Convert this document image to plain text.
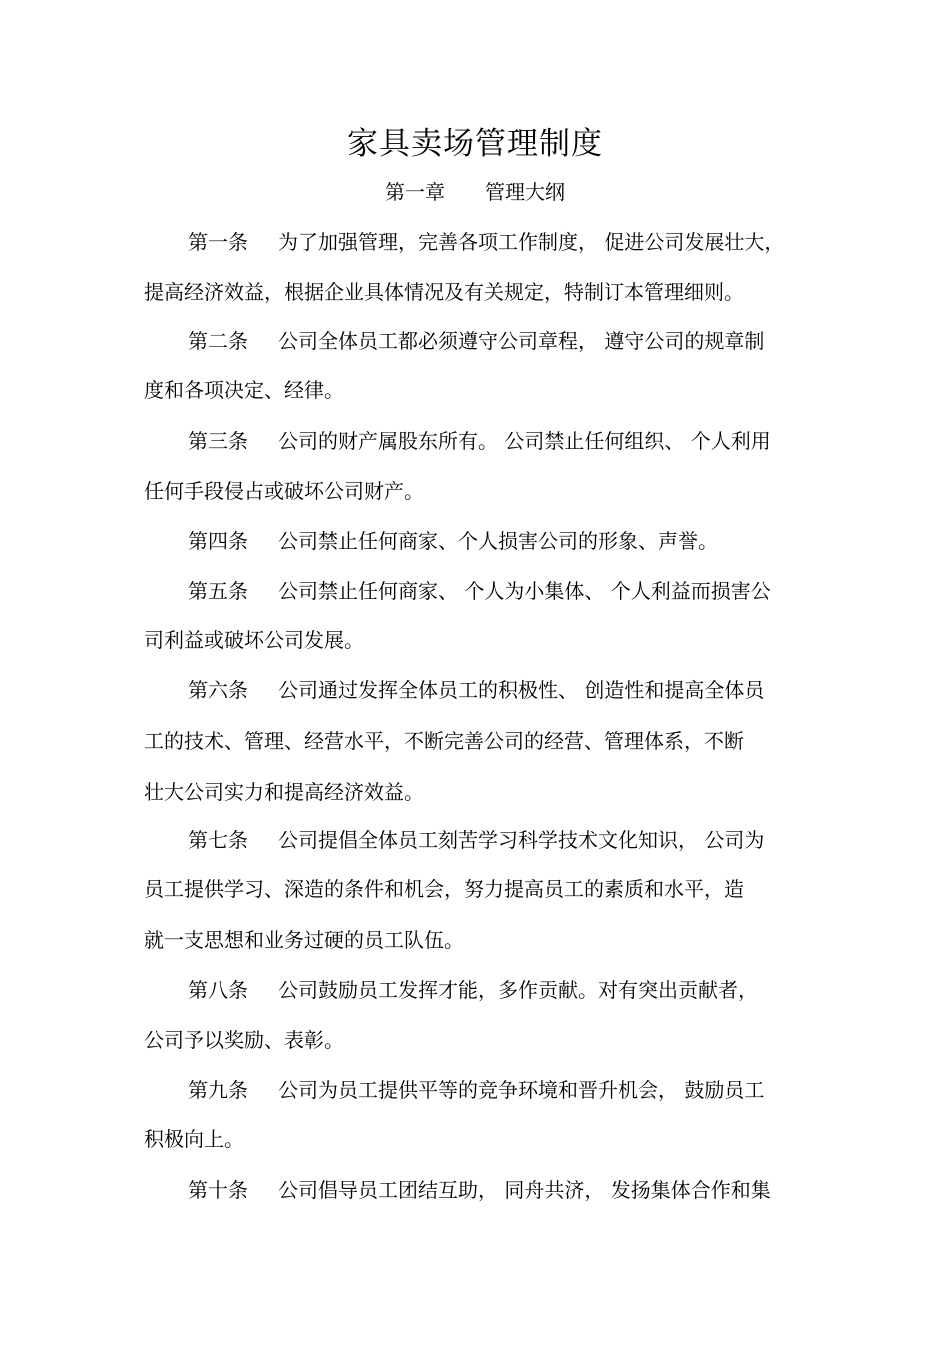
家具卖场管理制度
第一章 管理大纲
第一条 为了加强管理，完善各项工作制度， 促进公司发展壮大，
提高经济效益，根据企业具体情况及有关规定，特制订本管理细则。
第二条 公司全体员工都必须遵守公司章程， 遵守公司的规章制
度和各项决定、经律。
第三条 公司的财产属股东所有。 公司禁止任何组织、 个人利用
任何手段侵占或破坏公司财产。
第四条 公司禁止任何商家、个人损害公司的形象、声誉。
第五条 公司禁止任何商家、 个人为小集体、 个人利益而损害公
司利益或破坏公司发展。
第六条 公司通过发挥全体员工的积极性、 创造性和提高全体员
工的技术、管理、经营水平，不断完善公司的经营、管理体系，不断
壮大公司实力和提高经济效益。
第七条 公司提倡全体员工刻苦学习科学技术文化知识， 公司为
员工提供学习、深造的条件和机会，努力提高员工的素质和水平，造
就一支思想和业务过硬的员工队伍。
第八条 公司鼓励员工发挥才能，多作贡献。对有突出贡献者，
公司予以奖励、表彰。
第九条 公司为员工提供平等的竞争环境和晋升机会， 鼓励员工
积极向上。
第十条 公司倡导员工团结互助， 同舟共济， 发扬集体合作和集
